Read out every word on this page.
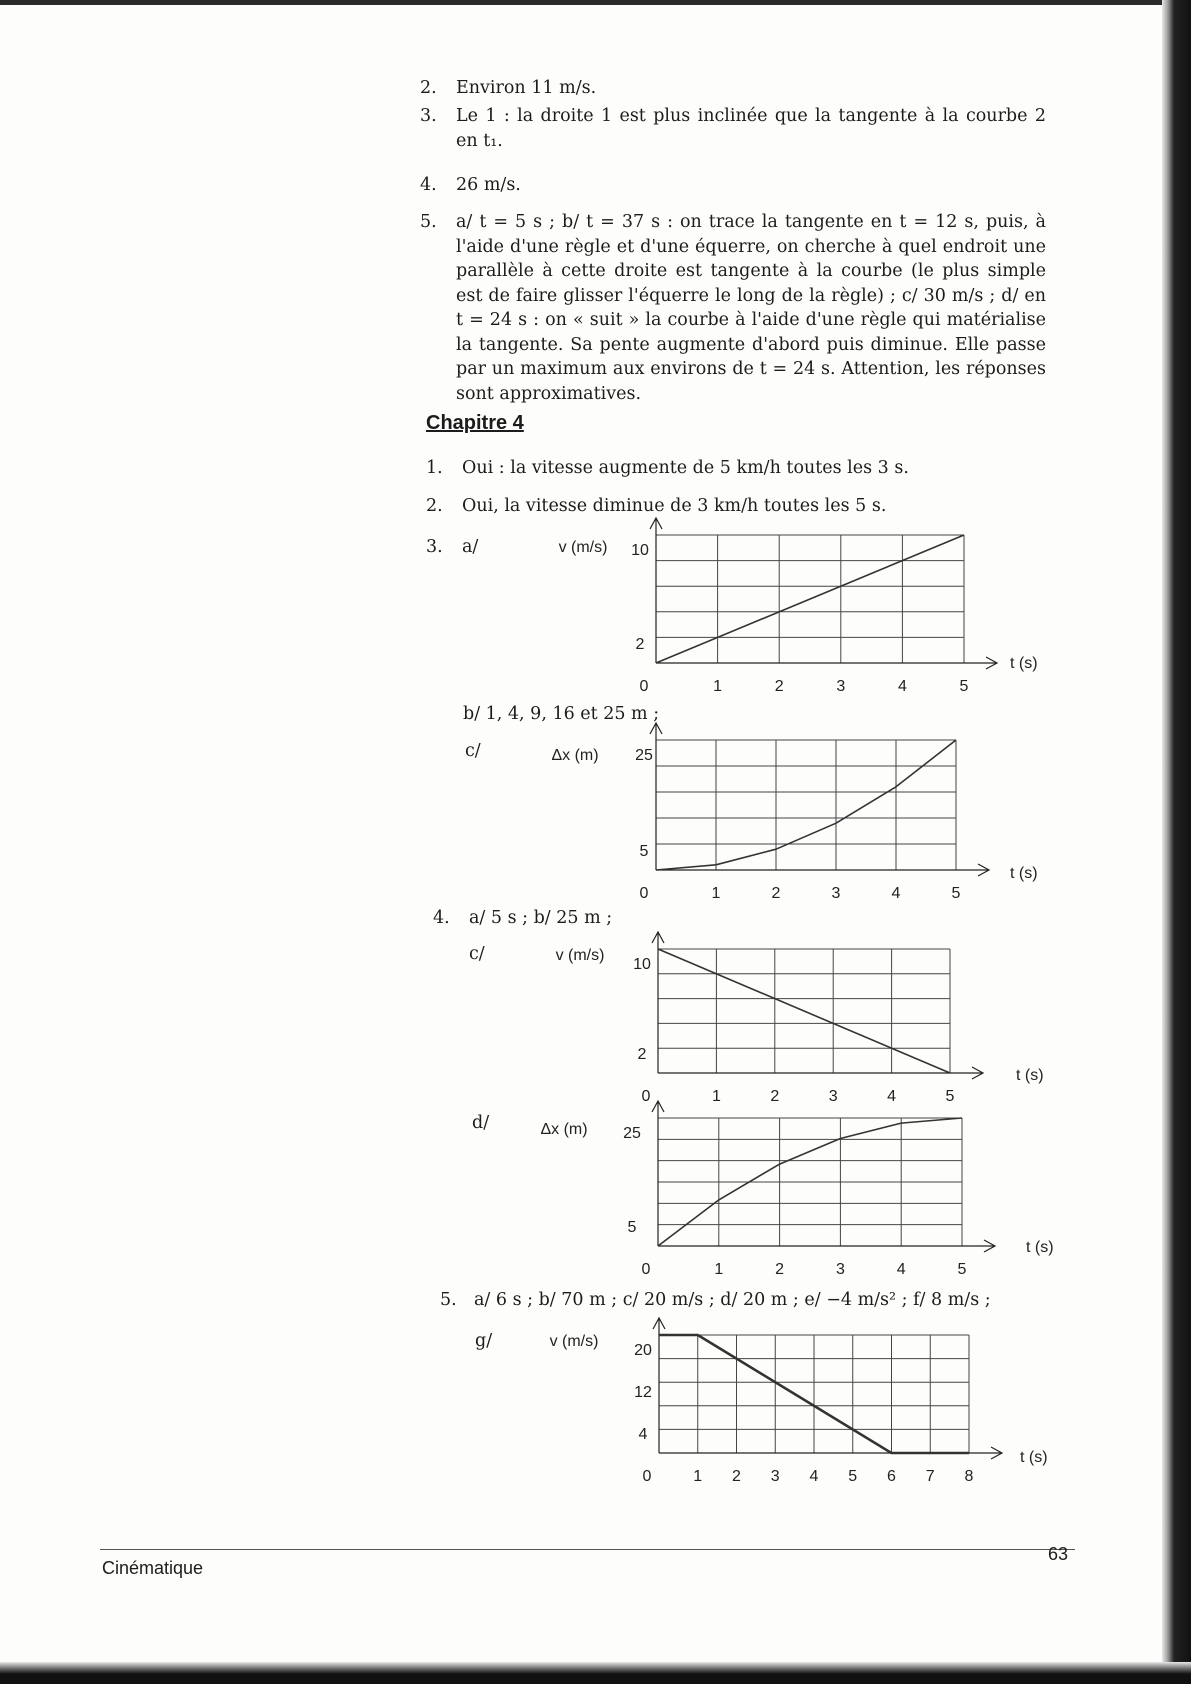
2.	Environ 11 m/s.
3.	Le 1 : la droite 1 est plus inclinée que la tangente à la courbe 2 en t₁.
4.	26 m/s.
5.	a/ t = 5 s ; b/ t = 37 s : on trace la tangente en t = 12 s, puis, à l'aide d'une règle et d'une équerre, on cherche à quel endroit une parallèle à cette droite est tangente à la courbe (le plus simple est de faire glisser l'équerre le long de la règle) ; c/ 30 m/s ; d/ en t = 24 s : on « suit » la courbe à l'aide d'une règle qui matérialise la tangente. Sa pente augmente d'abord puis diminue. Elle passe par un maximum aux environs de t = 24 s. Attention, les réponses sont approximatives.
Chapitre 4
1.	Oui : la vitesse augmente de 5 km/h toutes les 3 s.
2.	Oui, la vitesse diminue de 3 km/h toutes les 5 s.
3.	a/
b/ 1, 4, 9, 16 et 25 m ;
c/
4.	a/ 5 s ; b/ 25 m ;
c/
d/
5. a/ 6 s ; b/ 70 m ; c/ 20 m/s ; d/ 20 m ; e/ −4 m/s² ; f/ 8 m/s ;
g/
0	1	2	3	4	5
10
2
v (m/s)
t (s)
0	1	2	3	4	5
25
5
Δx (m)
t (s)
0	1	2	3	4	5
10
2
v (m/s)
t (s)
0	1	2	3	4	5
25
5
Δx (m)
t (s)
0	1 2 3 4 5 6 7 8
20
12
4
v (m/s)
t (s)
Cinématique
63
